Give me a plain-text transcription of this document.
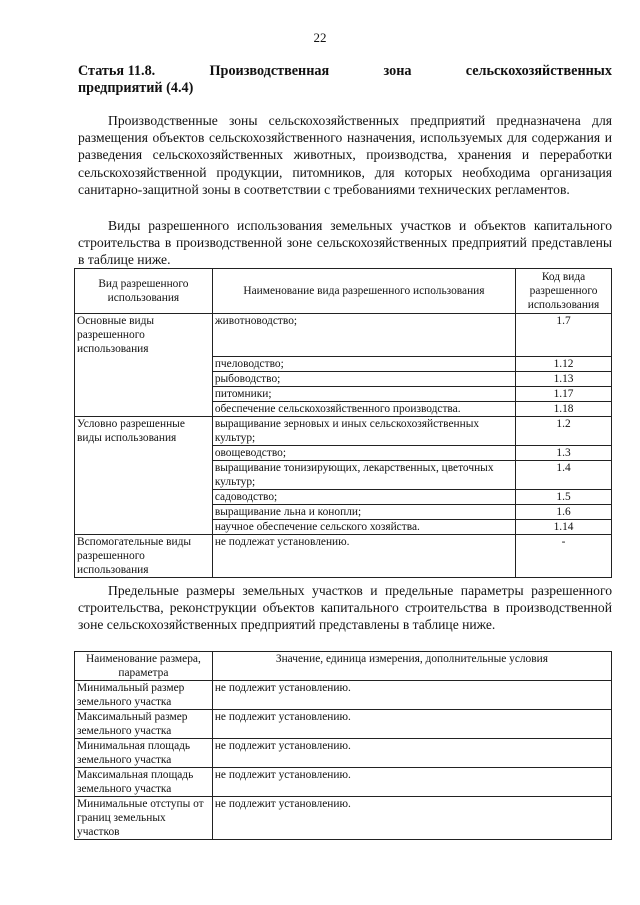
22
Статья 11.8.	Производственная	зона	сельскохозяйственных
предприятий (4.4)
Производственные зоны сельскохозяйственных предприятий предназначена для размещения объектов сельскохозяйственного назначения, используемых для содержания и разведения сельскохозяйственных животных, производства, хранения и переработки сельскохозяйственной продукции, питомников, для которых необходима организация санитарно-защитной зоны в соответствии с требованиями технических регламентов.
Виды разрешенного использования земельных участков и объектов капитального строительства в производственной зоне сельскохозяйственных предприятий представлены в таблице ниже.
Вид разрешенного использования	Наименование вида разрешенного использования	Код вида разрешенного использования
Основные виды разрешенного использования	животноводство;	1.7
	пчеловодство;	1.12
	рыбоводство;	1.13
	питомники;	1.17
	обеспечение сельскохозяйственного производства.	1.18
Условно разрешенные виды использования	выращивание зерновых и иных сельскохозяйственных культур;	1.2
	овощеводство;	1.3
	выращивание тонизирующих, лекарственных, цветочных культур;	1.4
	садоводство;	1.5
	выращивание льна и конопли;	1.6
	научное обеспечение сельского хозяйства.	1.14
Вспомогательные виды разрешенного использования	не подлежат установлению.	-
Предельные размеры земельных участков и предельные параметры разрешенного строительства, реконструкции объектов капитального строительства в производственной зоне сельскохозяйственных предприятий представлены в таблице ниже.
Наименование размера, параметра	Значение, единица измерения, дополнительные условия
Минимальный размер земельного участка	не подлежит установлению.
Максимальный размер земельного участка	не подлежит установлению.
Минимальная площадь земельного участка	не подлежит установлению.
Максимальная площадь земельного участка	не подлежит установлению.
Минимальные отступы от границ земельных участков	не подлежит установлению.
